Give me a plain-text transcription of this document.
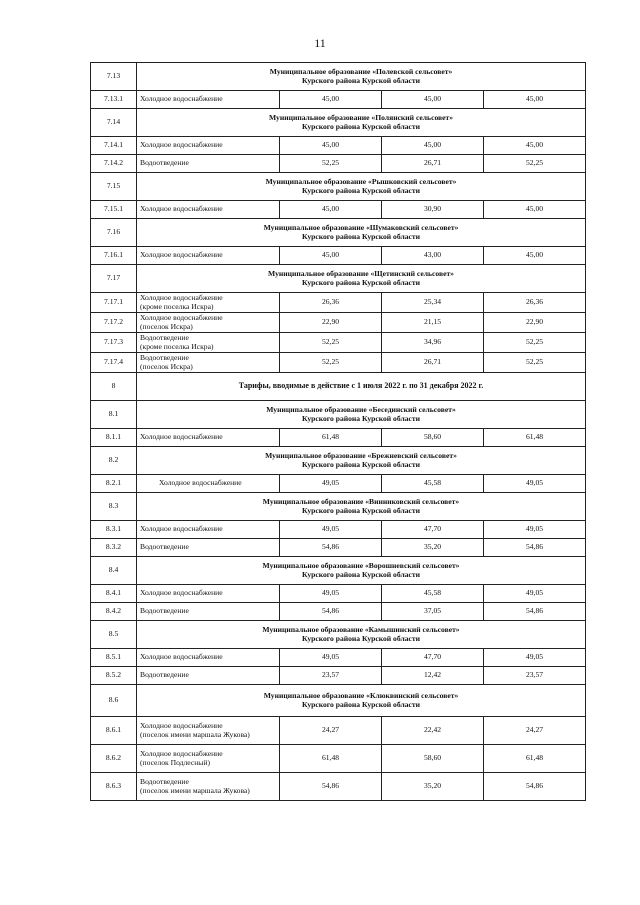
11
7.13	Муниципальное образование «Полевской сельсовет»
Курского района Курской области			

7.13.1	Холодное водоснабжение	45,00	45,00	45,00
7.14	Муниципальное образование «Полянский сельсовет»
Курского района Курской области			

7.14.1	Холодное водоснабжение	45,00	45,00	45,00
7.14.2	Водоотведение	52,25	26,71	52,25
7.15	Муниципальное образование «Рышковский сельсовет»
Курского района Курской области			

7.15.1	Холодное водоснабжение	45,00	30,90	45,00
7.16	Муниципальное образование «Шумаковский сельсовет»
Курского района Курской области			

7.16.1	Холодное водоснабжение	45,00	43,00	45,00
7.17	Муниципальное образование «Щетинский сельсовет»
Курского района Курской области			

7.17.1	Холодное водоснабжение
(кроме поселка Искра)	26,36	25,34	26,36
7.17.2	Холодное водоснабжение
(поселок Искра)	22,90	21,15	22,90
7.17.3	Водоотведение
(кроме поселка Искра)	52,25	34,96	52,25
7.17.4	Водоотведение
(поселок Искра)	52,25	26,71	52,25
8	Тарифы, вводимые в действие с 1 июля 2022 г. по 31 декабря 2022 г.			
8.1	Муниципальное образование «Бесединский сельсовет»
Курского района Курской области			

8.1.1	Холодное водоснабжение	61,48	58,60	61,48
8.2	Муниципальное образование «Брежневский сельсовет»
Курского района Курской области			

8.2.1	Холодное водоснабжение	49,05	45,58	49,05
8.3	Муниципальное образование «Винниковский сельсовет»
Курского района Курской области			

8.3.1	Холодное водоснабжение	49,05	47,70	49,05
8.3.2	Водоотведение	54,86	35,20	54,86
8.4	Муниципальное образование «Ворошневский сельсовет»
Курского района Курской области			

8.4.1	Холодное водоснабжение	49,05	45,58	49,05
8.4.2	Водоотведение	54,86	37,05	54,86
8.5	Муниципальное образование «Камышинский сельсовет»
Курского района Курской области			

8.5.1	Холодное водоснабжение	49,05	47,70	49,05
8.5.2	Водоотведение	23,57	12,42	23,57
8.6	Муниципальное образование «Клюквинский сельсовет»
Курского района Курской области			

8.6.1	Холодное водоснабжение
(поселок имени маршала Жукова)	24,27	22,42	24,27
8.6.2	Холодное водоснабжение
(поселок Подлесный)	61,48	58,60	61,48
8.6.3	Водоотведение
(поселок имени маршала Жукова)	54,86	35,20	54,86
